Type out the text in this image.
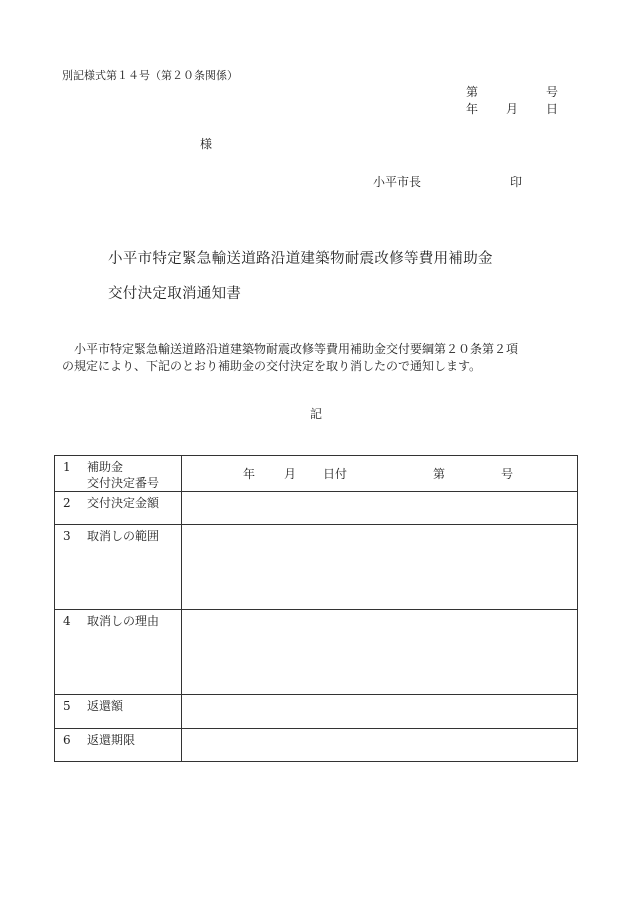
別記様式第１４号（第２０条関係）
第	号
年 月 日
様
小平市長	印
小平市特定緊急輸送道路沿道建築物耐震改修等費用補助金
交付決定取消通知書
小平市特定緊急輸送道路沿道建築物耐震改修等費用補助金交付要綱第２０条第２項
の規定により、下記のとおり補助金の交付決定を取り消したので通知します。
記
1 補助金
交付決定番号	年 月 日付 第 号

2 交付決定金額	

3 取消しの範囲	

4 取消しの理由	

5 返還額	

6 返還期限	
